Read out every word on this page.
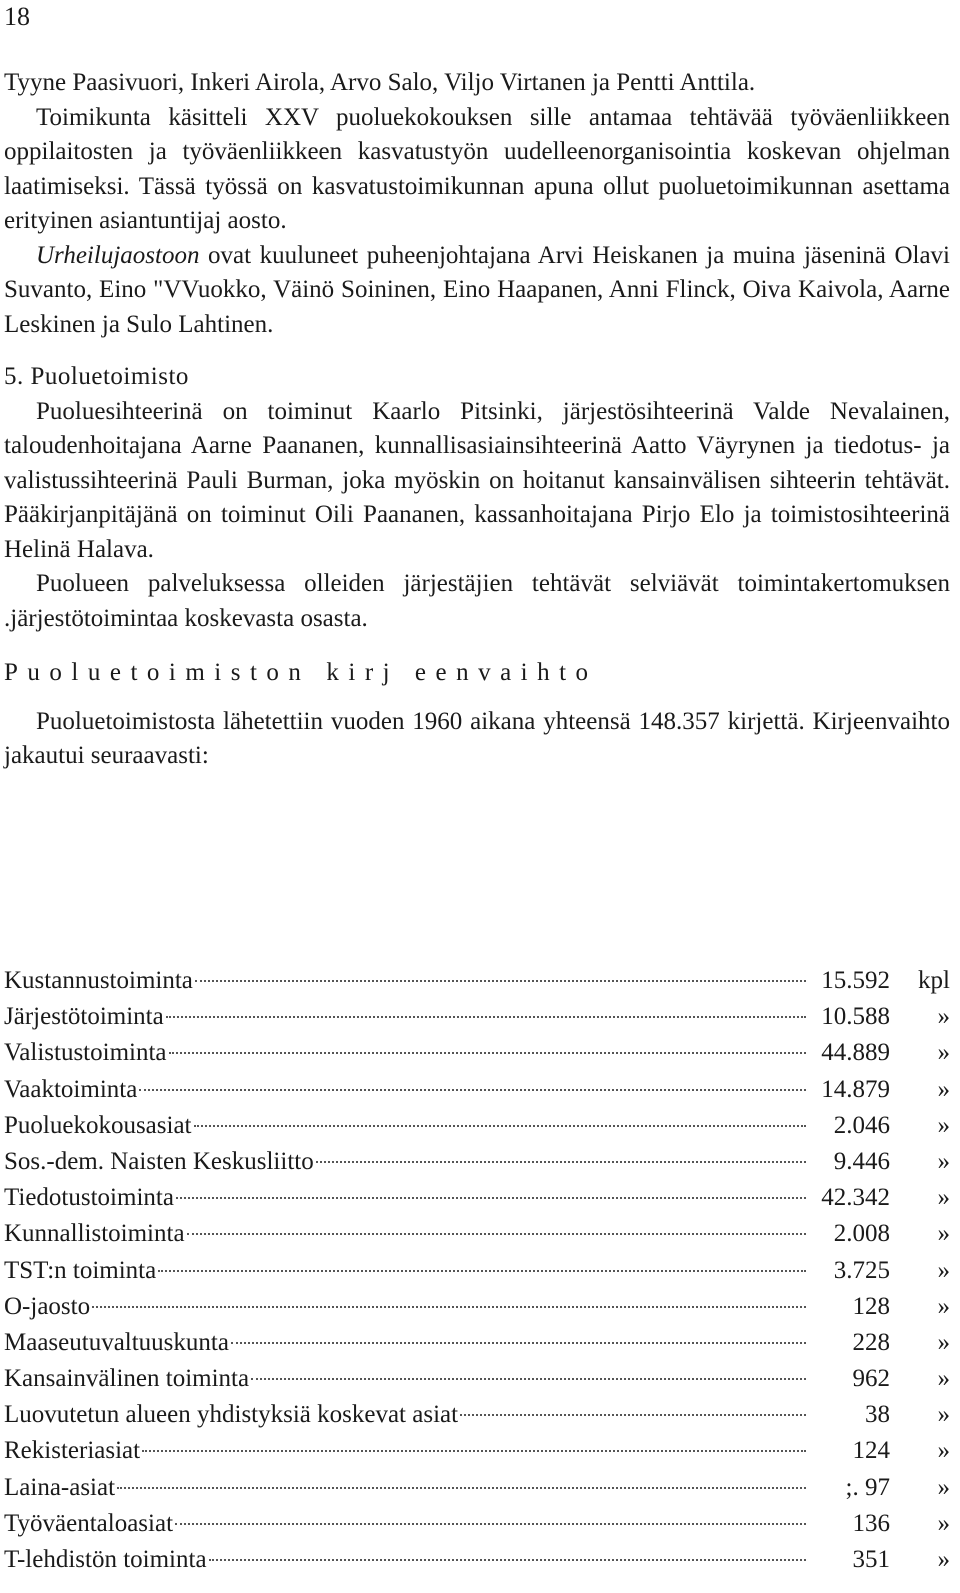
18

Tyyne Paasivuori, Inkeri Airola, Arvo Salo, Viljo Virtanen ja Pentti Anttila.

Toimikunta käsitteli XXV puoluekokouksen sille antamaa tehtävää työväenliikkeen oppilaitosten ja työväenliikkeen kasvatustyön uudelleenorganisointia koskevan ohjelman laatimiseksi. Tässä työssä on kasvatustoimikunnan apuna ollut puoluetoimikunnan asettama erityinen asiantuntijaj aosto.

Urheilujaostoon ovat kuuluneet puheenjohtajana Arvi Heiskanen ja muina jäseninä Olavi Suvanto, Eino "VVuokko, Väinö Soininen, Eino Haapanen, Anni Flinck, Oiva Kaivola, Aarne Leskinen ja Sulo Lahtinen.

5. Puoluetoimisto

Puoluesihteerinä on toiminut Kaarlo Pitsinki, järjestösihteerinä Valde Nevalainen, taloudenhoitajana Aarne Paananen, kunnallisasiainsihteerinä Aatto Väyrynen ja tiedotus- ja valistussihteerinä Pauli Burman, joka myöskin on hoitanut kansainvälisen sihteerin tehtävät. Pääkirjanpitäjänä on toiminut Oili Paananen, kassanhoitajana Pirjo Elo ja toimistosihteerinä Helinä Halava.

Puolueen palveluksessa olleiden järjestäjien tehtävät selviävät toimintakertomuksen .järjestötoimintaa koskevasta osasta.

Puoluetoimiston kirj eenvaihto

Puoluetoimistosta lähetettiin vuoden 1960 aikana yhteensä 148.357 kirjettä. Kirjeenvaihto jakautui seuraavasti:

Kustannustoiminta	15.592	kpl
Järjestötoiminta	10.588	»
Valistustoiminta	44.889	»
Vaaktoiminta	14.879	»
Puoluekokousasiat	2.046	»
Sos.-dem. Naisten Keskusliitto	9.446	»
Tiedotustoiminta	42.342	»
Kunnallistoiminta	2.008	»
TST:n toiminta	3.725	»
O-jaosto	128	»
Maaseutuvaltuuskunta	228	»
Kansainvälinen toiminta	962	»
Luovutetun alueen yhdistyksiä koskevat asiat	38	»
Rekisteriasiat	124	»
Laina-asiat	;. 97	»
Työväentaloasiat	136	»
T-lehdistön toiminta	351	»
